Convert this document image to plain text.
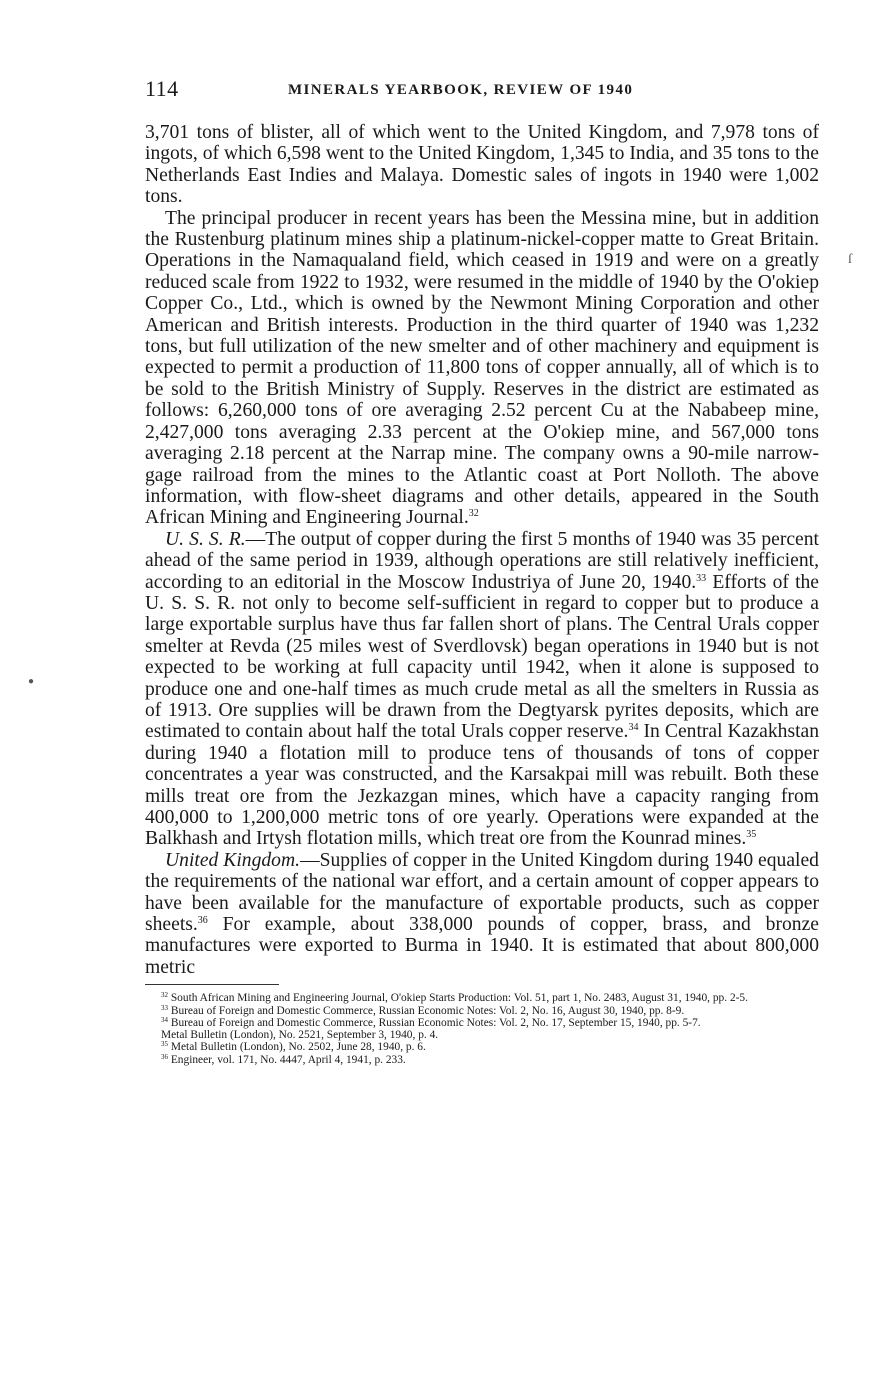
114	MINERALS YEARBOOK, REVIEW OF 1940

3,701 tons of blister, all of which went to the United Kingdom, and 7,978 tons of ingots, of which 6,598 went to the United Kingdom, 1,345 to India, and 35 tons to the Netherlands East Indies and Malaya. Domestic sales of ingots in 1940 were 1,002 tons.

The principal producer in recent years has been the Messina mine, but in addition the Rustenburg platinum mines ship a platinum-nickel-copper matte to Great Britain. Operations in the Namaqualand field, which ceased in 1919 and were on a greatly reduced scale from 1922 to 1932, were resumed in the middle of 1940 by the O'okiep Copper Co., Ltd., which is owned by the Newmont Mining Corporation and other American and British interests. Production in the third quarter of 1940 was 1,232 tons, but full utilization of the new smelter and of other machinery and equipment is expected to permit a production of 11,800 tons of copper annually, all of which is to be sold to the British Ministry of Supply. Reserves in the district are estimated as follows: 6,260,000 tons of ore averaging 2.52 percent Cu at the Nababeep mine, 2,427,000 tons averaging 2.33 percent at the O'okiep mine, and 567,000 tons averaging 2.18 percent at the Narrap mine. The company owns a 90-mile narrow-gage railroad from the mines to the Atlantic coast at Port Nolloth. The above information, with flow-sheet diagrams and other details, appeared in the South African Mining and Engineering Journal.$^{32}$

U. S. S. R.—The output of copper during the first 5 months of 1940 was 35 percent ahead of the same period in 1939, although operations are still relatively inefficient, according to an editorial in the Moscow Industriya of June 20, 1940.33 Efforts of the U. S. S. R. not only to become self-sufficient in regard to copper but to produce a large exportable surplus have thus far fallen short of plans. The Central Urals copper smelter at Revda (25 miles west of Sverdlovsk) began operations in 1940 but is not expected to be working at full capacity until 1942, when it alone is supposed to produce one and one-half times as much crude metal as all the smelters in Russia as of 1913. Ore supplies will be drawn from the Degtyarsk pyrites deposits, which are estimated to contain about half the total Urals copper reserve.$^{34}$ In Central Kazakhstan during 1940 a flotation mill to produce tens of thousands of tons of copper concentrates a year was constructed, and the Karsakpai mill was rebuilt. Both these mills treat ore from the Jezkazgan mines, which have a capacity ranging from 400,000 to 1,200,000 metric tons of ore yearly. Operations were expanded at the Balkhash and Irtysh flotation mills, which treat ore from the Kounrad mines.$^{35}$

United Kingdom.—Supplies of copper in the United Kingdom during 1940 equaled the requirements of the national war effort, and a certain amount of copper appears to have been available for the manufacture of exportable products, such as copper sheets.$^{36}$ For example, about 338,000 pounds of copper, brass, and bronze manufactures were exported to Burma in 1940. It is estimated that about 800,000 metric

$^{32}$ South African Mining and Engineering Journal, O'okiep Starts Production: Vol. 51, part 1, No. 2483, August 31, 1940, pp. 2-5.

$^{33}$ Bureau of Foreign and Domestic Commerce, Russian Economic Notes: Vol. 2, No. 16, August 30, 1940, pp. 8-9.

$^{34}$ Bureau of Foreign and Domestic Commerce, Russian Economic Notes: Vol. 2, No. 17, September 15, 1940, pp. 5-7.

Metal Bulletin (London), No. 2521, September 3, 1940, p. 4.

$^{35}$ Metal Bulletin (London), No. 2502, June 28, 1940, p. 6.

$^{36}$ Engineer, vol. 171, No. 4447, April 4, 1941, p. 233.

ſ
●
